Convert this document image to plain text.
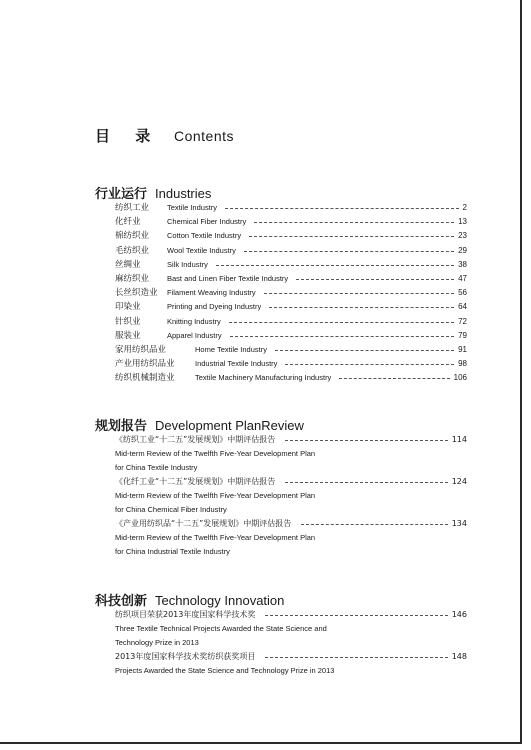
目 录 Contents
行业运行 Industries
纺织工业 Textile Industry	2
化纤业	Chemical Fiber Industry	13
棉纺织业 Cotton Textile Industry	23
毛纺织业 Wool Textile Industry	29
丝绸业	Silk Industry	38
麻纺织业 Bast and Linen Fiber Textile Industry	47
长丝织造业 Filament Weaving Industry	56
印染业	Printing and Dyeing Industry	64
针织业	Knitting Industry	72
服装业	Apparel Industry	79
家用纺织品业	Home Textile Industry	91
产业用纺织品业	Industrial Textile Industry	98
纺织机械制造业	Textile Machinery Manufacturing Industry	106
规划报告 Development PlanReview
《纺织工业“十二五”发展规划》中期评估报告	114
Mid-term Review of the Twelfth Five-Year Development Plan
for China Textile Industry
《化纤工业“十二五”发展规划》中期评估报告	124
Mid-term Review of the Twelfth Five-Year Development Plan
for China Chemical Fiber Industry
《产业用纺织品“十二五”发展规划》中期评估报告	134
Mid-term Review of the Twelfth Five-Year Development Plan
for China Industrial Textile Industry
科技创新 Technology Innovation
纺织项目荣获2013年度国家科学技术奖	146
Three Textile Technical Projects Awarded the State Science and
Technology Prize in 2013
2013年度国家科学技术奖纺织获奖项目	148
Projects Awarded the State Science and Technology Prize in 2013
